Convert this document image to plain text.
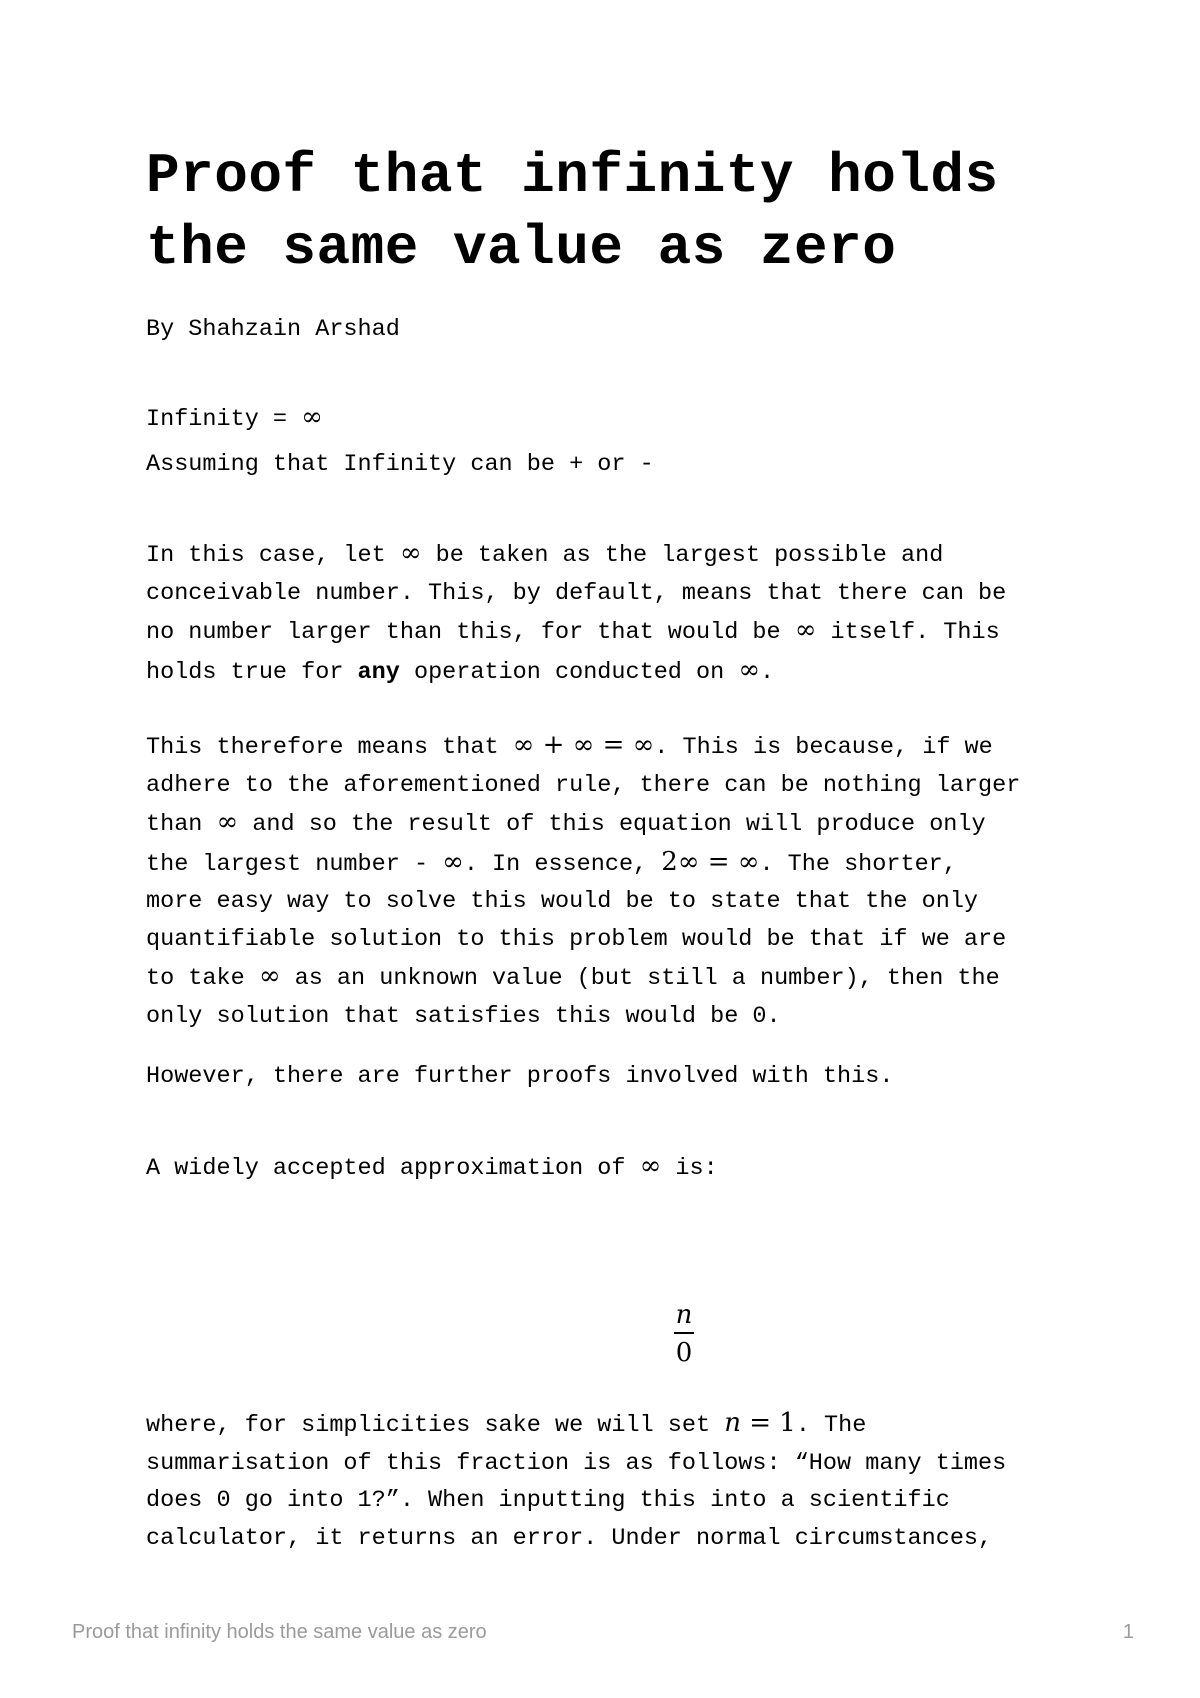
Proof that infinity holds
the same value as zero

By Shahzain Arshad

Infinity = ∞

Assuming that Infinity can be + or -

In this case, let ∞ be taken as the largest possible and
conceivable number. This, by default, means that there can be
no number larger than this, for that would be ∞ itself. This
holds true for any operation conducted on ∞.
This therefore means that ∞ + ∞ = ∞. This is because, if we
adhere to the aforementioned rule, there can be nothing larger
than ∞ and so the result of this equation will produce only
the largest number - ∞. In essence, 2∞ = ∞. The shorter,
more easy way to solve this would be to state that the only
quantifiable solution to this problem would be that if we are
to take ∞ as an unknown value (but still a number), then the
only solution that satisfies this would be 0.

However, there are further proofs involved with this.

A widely accepted approximation of ∞ is:

$\frac{n}{0}$
where, for simplicities sake we will set n = 1. The
summarisation of this fraction is as follows: “How many times
does 0 go into 1?”. When inputting this into a scientific
calculator, it returns an error. Under normal circumstances,
Proof that infinity holds the same value as zero	1
